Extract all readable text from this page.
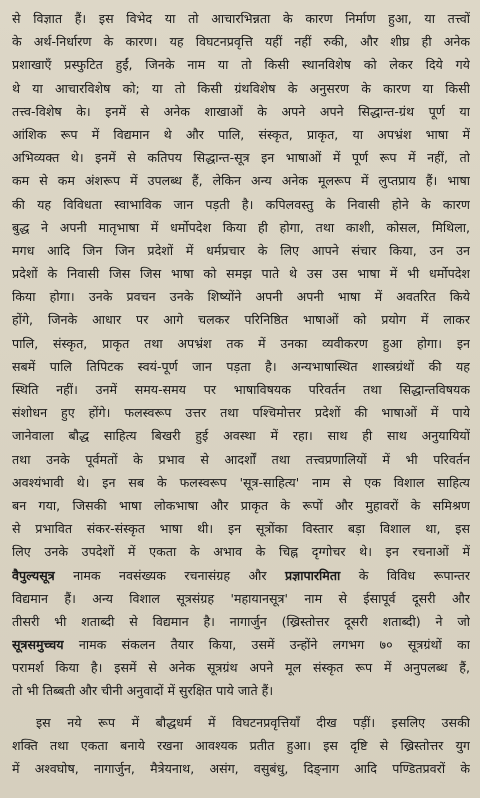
से विज्ञात हैं। इस विभेद या तो आचारभिन्नता के कारण निर्माण हुआ, या तत्त्वों
के अर्थ-निर्धारण के कारण। यह विघटनप्रवृत्ति यहीं नहीं रुकी, और शीघ्र ही अनेक
प्रशाखाएँ प्रस्फुटित हुईं, जिनके नाम या तो किसी स्थानविशेष को लेकर दिये गये
थे या आचारविशेष को; या तो किसी ग्रंथविशेष के अनुसरण के कारण या किसी
तत्त्व-विशेष के। इनमें से अनेक शाखाओं के अपने अपने सिद्धान्त-ग्रंथ पूर्ण या
आंशिक रूप में विद्यमान थे और पालि, संस्कृत, प्राकृत, या अपभ्रंश भाषा में
अभिव्यक्त थे। इनमें से कतिपय सिद्धान्त-सूत्र इन भाषाओं में पूर्ण रूप में नहीं, तो
कम से कम अंशरूप में उपलब्ध हैं, लेकिन अन्य अनेक मूलरूप में लुप्तप्राय हैं। भाषा
की यह विविधता स्वाभाविक जान पड़ती है। कपिलवस्तु के निवासी होने के कारण
बुद्ध ने अपनी मातृभाषा में धर्मोपदेश किया ही होगा, तथा काशी, कोसल, मिथिला,
मगध आदि जिन जिन प्रदेशों में धर्मप्रचार के लिए आपने संचार किया, उन उन
प्रदेशों के निवासी जिस जिस भाषा को समझ पाते थे उस उस भाषा में भी धर्मोपदेश
किया होगा। उनके प्रवचन उनके शिष्योंने अपनी अपनी भाषा में अवतरित किये
होंगे, जिनके आधार पर आगे चलकर परिनिष्ठित भाषाओं को प्रयोग में लाकर
पालि, संस्कृत, प्राकृत तथा अपभ्रंश तक में उनका व्यवीकरण हुआ होगा। इन
सबमें पालि तिपिटक स्वयं-पूर्ण जान पड़ता है। अन्यभाषास्थित शास्त्रग्रंथों की यह
स्थिति नहीं। उनमें समय-समय पर भाषाविषयक परिवर्तन तथा सिद्धान्तविषयक
संशोधन हुए होंगे। फलस्वरूप उत्तर तथा पश्चिमोत्तर प्रदेशों की भाषाओं में पाये
जानेवाला बौद्ध साहित्य बिखरी हुई अवस्था में रहा। साथ ही साथ अनुयायियों
तथा उनके पूर्वमतों के प्रभाव से आदर्शों तथा तत्त्वप्रणालियों में भी परिवर्तन
अवश्यंभावी थे। इन सब के फलस्वरूप 'सूत्र-साहित्य' नाम से एक विशाल साहित्य
बन गया, जिसकी भाषा लोकभाषा और प्राकृत के रूपों और मुहावरों के समिश्रण
से प्रभावित संकर-संस्कृत भाषा थी। इन सूत्रोंका विस्तार बड़ा विशाल था, इस
लिए उनके उपदेशों में एकता के अभाव के चिह्न दृग्गोचर थे। इन रचनाओं में
वैपुल्यसूत्र नामक नवसंख्यक रचनासंग्रह और प्रज्ञापारमिता के विविध रूपान्तर
विद्यमान हैं। अन्य विशाल सूत्रसंग्रह 'महायानसूत्र' नाम से ईसापूर्व दूसरी और
तीसरी भी शताब्दी से विद्यमान है। नागार्जुन (ख्रिस्तोत्तर दूसरी शताब्दी) ने जो
सूत्रसमुच्चय नामक संकलन तैयार किया, उसमें उन्होंने लगभग ७० सूत्रग्रंथों का
परामर्श किया है। इसमें से अनेक सूत्रग्रंथ अपने मूल संस्कृत रूप में अनुपलब्ध हैं,
तो भी तिब्बती और चीनी अनुवादों में सुरक्षित पाये जाते हैं।
इस नये रूप में बौद्धधर्म में विघटनप्रवृत्तियाँ दीख पड़ीं। इसलिए उसकी
शक्ति तथा एकता बनाये रखना आवश्यक प्रतीत हुआ। इस दृष्टि से ख्रिस्तोत्तर युग
में अश्वघोष, नागार्जुन, मैत्रेयनाथ, असंग, वसुबंधु, दिङ्नाग आदि पण्डितप्रवरों के
